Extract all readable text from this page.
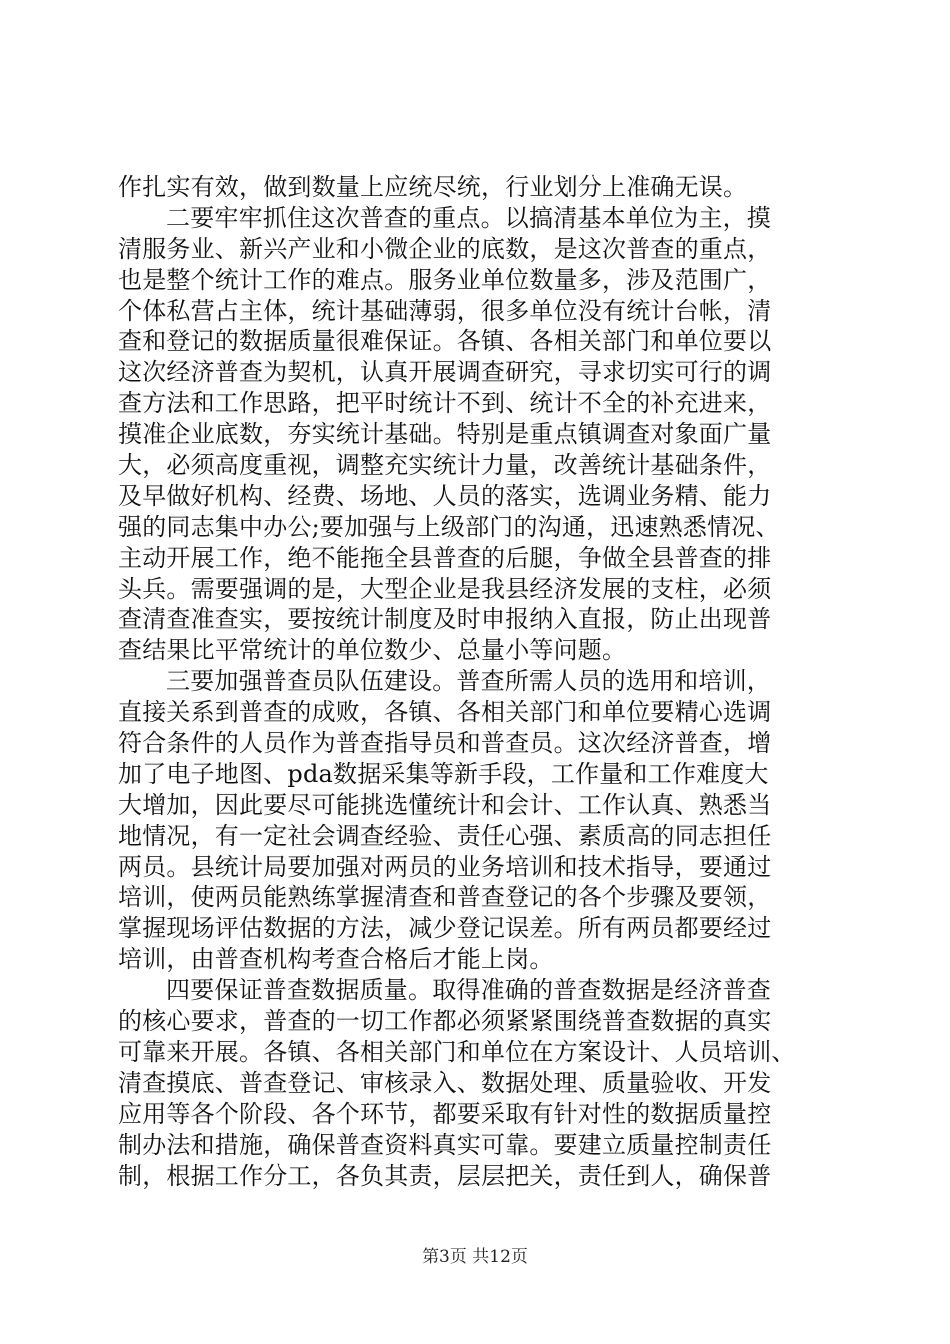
作扎实有效，做到数量上应统尽统，行业划分上准确无误。
二要牢牢抓住这次普查的重点。以搞清基本单位为主，摸
清服务业、新兴产业和小微企业的底数，是这次普查的重点，
也是整个统计工作的难点。服务业单位数量多，涉及范围广，
个体私营占主体，统计基础薄弱，很多单位没有统计台帐，清
查和登记的数据质量很难保证。各镇、各相关部门和单位要以
这次经济普查为契机，认真开展调查研究，寻求切实可行的调
查方法和工作思路，把平时统计不到、统计不全的补充进来，
摸准企业底数，夯实统计基础。特别是重点镇调查对象面广量
大，必须高度重视，调整充实统计力量，改善统计基础条件，
及早做好机构、经费、场地、人员的落实，选调业务精、能力
强的同志集中办公;要加强与上级部门的沟通，迅速熟悉情况、
主动开展工作，绝不能拖全县普查的后腿，争做全县普查的排
头兵。需要强调的是，大型企业是我县经济发展的支柱，必须
查清查准查实，要按统计制度及时申报纳入直报，防止出现普
查结果比平常统计的单位数少、总量小等问题。
三要加强普查员队伍建设。普查所需人员的选用和培训，
直接关系到普查的成败，各镇、各相关部门和单位要精心选调
符合条件的人员作为普查指导员和普查员。这次经济普查，增
加了电子地图、pda数据采集等新手段，工作量和工作难度大
大增加，因此要尽可能挑选懂统计和会计、工作认真、熟悉当
地情况，有一定社会调查经验、责任心强、素质高的同志担任
两员。县统计局要加强对两员的业务培训和技术指导，要通过
培训，使两员能熟练掌握清查和普查登记的各个步骤及要领，
掌握现场评估数据的方法，减少登记误差。所有两员都要经过
培训，由普查机构考查合格后才能上岗。
四要保证普查数据质量。取得准确的普查数据是经济普查
的核心要求，普查的一切工作都必须紧紧围绕普查数据的真实
可靠来开展。各镇、各相关部门和单位在方案设计、人员培训、
清查摸底、普查登记、审核录入、数据处理、质量验收、开发
应用等各个阶段、各个环节，都要采取有针对性的数据质量控
制办法和措施，确保普查资料真实可靠。要建立质量控制责任
制，根据工作分工，各负其责，层层把关，责任到人，确保普
第3页 共12页
